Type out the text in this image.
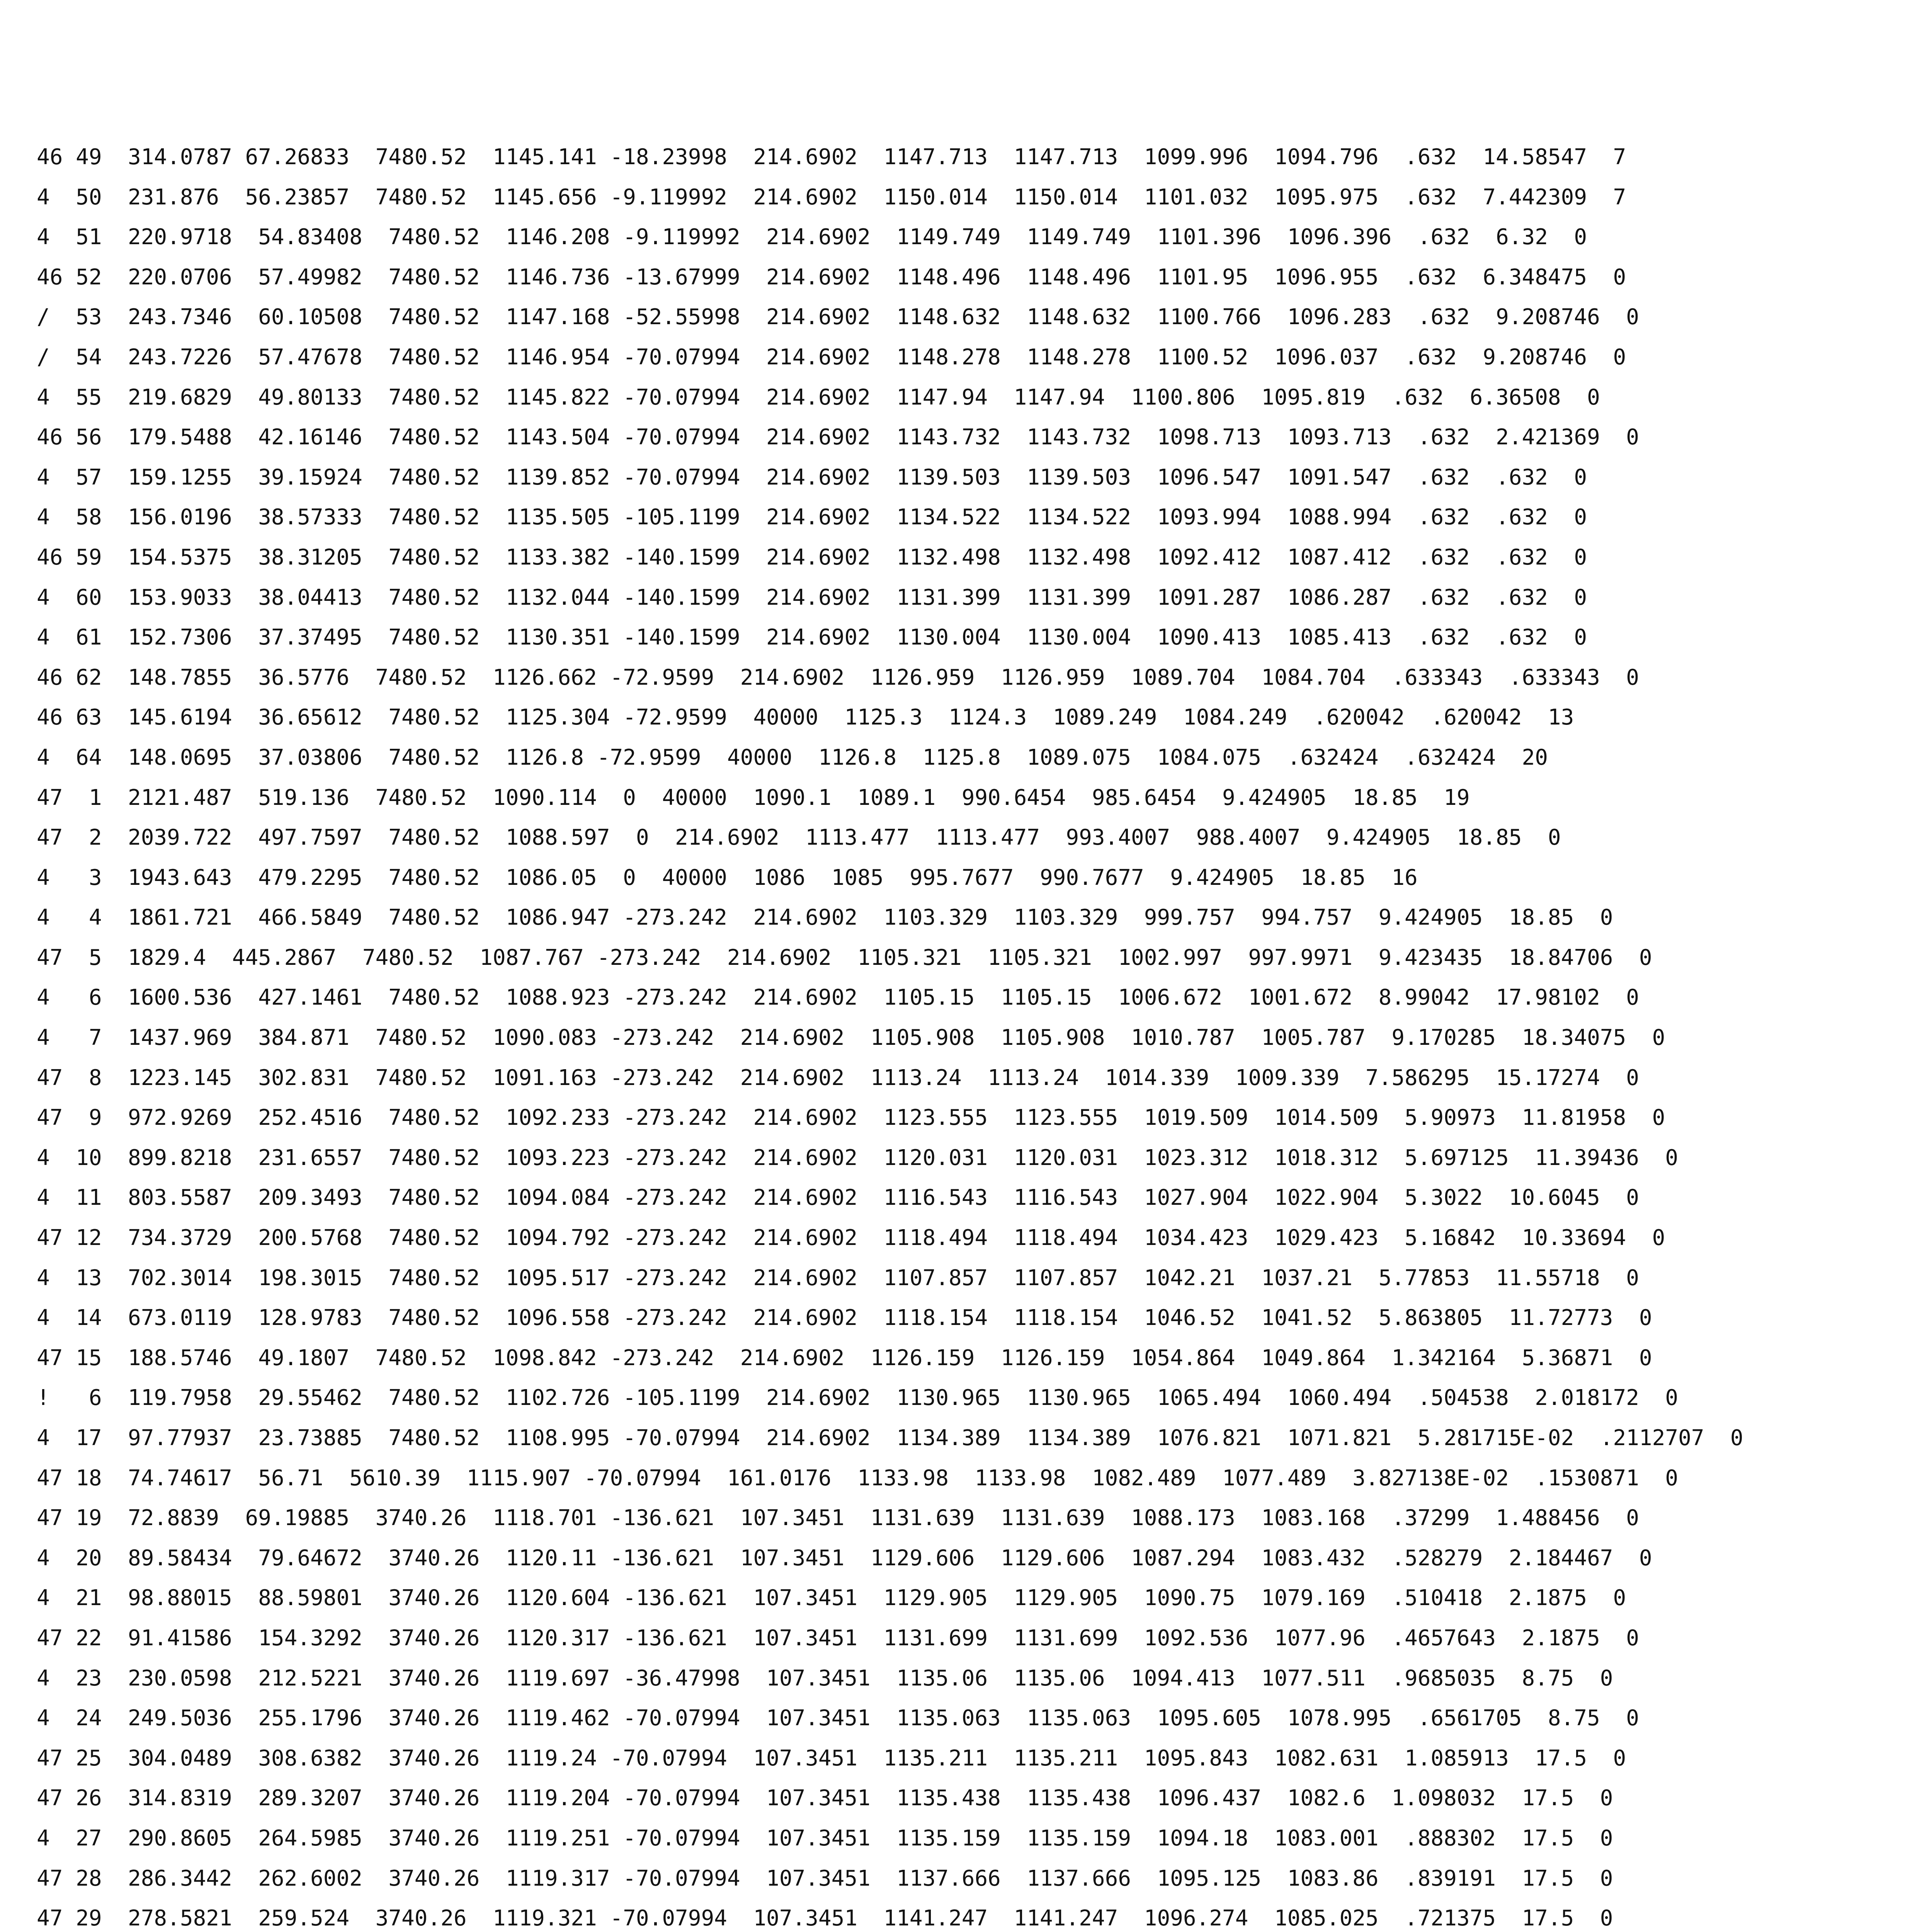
46 49  314.0787 67.26833  7480.52  1145.141 -18.23998  214.6902  1147.713  1147.713  1099.996  1094.796  .632  14.58547  7
4  50  231.876  56.23857  7480.52  1145.656 -9.119992  214.6902  1150.014  1150.014  1101.032  1095.975  .632  7.442309  7
4  51  220.9718  54.83408  7480.52  1146.208 -9.119992  214.6902  1149.749  1149.749  1101.396  1096.396  .632  6.32  0
46 52  220.0706  57.49982  7480.52  1146.736 -13.67999  214.6902  1148.496  1148.496  1101.95  1096.955  .632  6.348475  0
/  53  243.7346  60.10508  7480.52  1147.168 -52.55998  214.6902  1148.632  1148.632  1100.766  1096.283  .632  9.208746  0
/  54  243.7226  57.47678  7480.52  1146.954 -70.07994  214.6902  1148.278  1148.278  1100.52  1096.037  .632  9.208746  0
4  55  219.6829  49.80133  7480.52  1145.822 -70.07994  214.6902  1147.94  1147.94  1100.806  1095.819  .632  6.36508  0
46 56  179.5488  42.16146  7480.52  1143.504 -70.07994  214.6902  1143.732  1143.732  1098.713  1093.713  .632  2.421369  0
4  57  159.1255  39.15924  7480.52  1139.852 -70.07994  214.6902  1139.503  1139.503  1096.547  1091.547  .632  .632  0
4  58  156.0196  38.57333  7480.52  1135.505 -105.1199  214.6902  1134.522  1134.522  1093.994  1088.994  .632  .632  0
46 59  154.5375  38.31205  7480.52  1133.382 -140.1599  214.6902  1132.498  1132.498  1092.412  1087.412  .632  .632  0
4  60  153.9033  38.04413  7480.52  1132.044 -140.1599  214.6902  1131.399  1131.399  1091.287  1086.287  .632  .632  0
4  61  152.7306  37.37495  7480.52  1130.351 -140.1599  214.6902  1130.004  1130.004  1090.413  1085.413  .632  .632  0
46 62  148.7855  36.5776  7480.52  1126.662 -72.9599  214.6902  1126.959  1126.959  1089.704  1084.704  .633343  .633343  0
46 63  145.6194  36.65612  7480.52  1125.304 -72.9599  40000  1125.3  1124.3  1089.249  1084.249  .620042  .620042  13
4  64  148.0695  37.03806  7480.52  1126.8 -72.9599  40000  1126.8  1125.8  1089.075  1084.075  .632424  .632424  20
47  1  2121.487  519.136  7480.52  1090.114  0  40000  1090.1  1089.1  990.6454  985.6454  9.424905  18.85  19
47  2  2039.722  497.7597  7480.52  1088.597  0  214.6902  1113.477  1113.477  993.4007  988.4007  9.424905  18.85  0
4   3  1943.643  479.2295  7480.52  1086.05  0  40000  1086  1085  995.7677  990.7677  9.424905  18.85  16
4   4  1861.721  466.5849  7480.52  1086.947 -273.242  214.6902  1103.329  1103.329  999.757  994.757  9.424905  18.85  0
47  5  1829.4  445.2867  7480.52  1087.767 -273.242  214.6902  1105.321  1105.321  1002.997  997.9971  9.423435  18.84706  0
4   6  1600.536  427.1461  7480.52  1088.923 -273.242  214.6902  1105.15  1105.15  1006.672  1001.672  8.99042  17.98102  0
4   7  1437.969  384.871  7480.52  1090.083 -273.242  214.6902  1105.908  1105.908  1010.787  1005.787  9.170285  18.34075  0
47  8  1223.145  302.831  7480.52  1091.163 -273.242  214.6902  1113.24  1113.24  1014.339  1009.339  7.586295  15.17274  0
47  9  972.9269  252.4516  7480.52  1092.233 -273.242  214.6902  1123.555  1123.555  1019.509  1014.509  5.90973  11.81958  0
4  10  899.8218  231.6557  7480.52  1093.223 -273.242  214.6902  1120.031  1120.031  1023.312  1018.312  5.697125  11.39436  0
4  11  803.5587  209.3493  7480.52  1094.084 -273.242  214.6902  1116.543  1116.543  1027.904  1022.904  5.3022  10.6045  0
47 12  734.3729  200.5768  7480.52  1094.792 -273.242  214.6902  1118.494  1118.494  1034.423  1029.423  5.16842  10.33694  0
4  13  702.3014  198.3015  7480.52  1095.517 -273.242  214.6902  1107.857  1107.857  1042.21  1037.21  5.77853  11.55718  0
4  14  673.0119  128.9783  7480.52  1096.558 -273.242  214.6902  1118.154  1118.154  1046.52  1041.52  5.863805  11.72773  0
47 15  188.5746  49.1807  7480.52  1098.842 -273.242  214.6902  1126.159  1126.159  1054.864  1049.864  1.342164  5.36871  0
!   6  119.7958  29.55462  7480.52  1102.726 -105.1199  214.6902  1130.965  1130.965  1065.494  1060.494  .504538  2.018172  0
4  17  97.77937  23.73885  7480.52  1108.995 -70.07994  214.6902  1134.389  1134.389  1076.821  1071.821  5.281715E-02  .2112707  0
47 18  74.74617  56.71  5610.39  1115.907 -70.07994  161.0176  1133.98  1133.98  1082.489  1077.489  3.827138E-02  .1530871  0
47 19  72.8839  69.19885  3740.26  1118.701 -136.621  107.3451  1131.639  1131.639  1088.173  1083.168  .37299  1.488456  0
4  20  89.58434  79.64672  3740.26  1120.11 -136.621  107.3451  1129.606  1129.606  1087.294  1083.432  .528279  2.184467  0
4  21  98.88015  88.59801  3740.26  1120.604 -136.621  107.3451  1129.905  1129.905  1090.75  1079.169  .510418  2.1875  0
47 22  91.41586  154.3292  3740.26  1120.317 -136.621  107.3451  1131.699  1131.699  1092.536  1077.96  .4657643  2.1875  0
4  23  230.0598  212.5221  3740.26  1119.697 -36.47998  107.3451  1135.06  1135.06  1094.413  1077.511  .9685035  8.75  0
4  24  249.5036  255.1796  3740.26  1119.462 -70.07994  107.3451  1135.063  1135.063  1095.605  1078.995  .6561705  8.75  0
47 25  304.0489  308.6382  3740.26  1119.24 -70.07994  107.3451  1135.211  1135.211  1095.843  1082.631  1.085913  17.5  0
47 26  314.8319  289.3207  3740.26  1119.204 -70.07994  107.3451  1135.438  1135.438  1096.437  1082.6  1.098032  17.5  0
4  27  290.8605  264.5985  3740.26  1119.251 -70.07994  107.3451  1135.159  1135.159  1094.18  1083.001  .888302  17.5  0
47 28  286.3442  262.6002  3740.26  1119.317 -70.07994  107.3451  1137.666  1137.666  1095.125  1083.86  .839191  17.5  0
47 29  278.5821  259.524  3740.26  1119.321 -70.07994  107.3451  1141.247  1141.247  1096.274  1085.025  .721375  17.5  0
